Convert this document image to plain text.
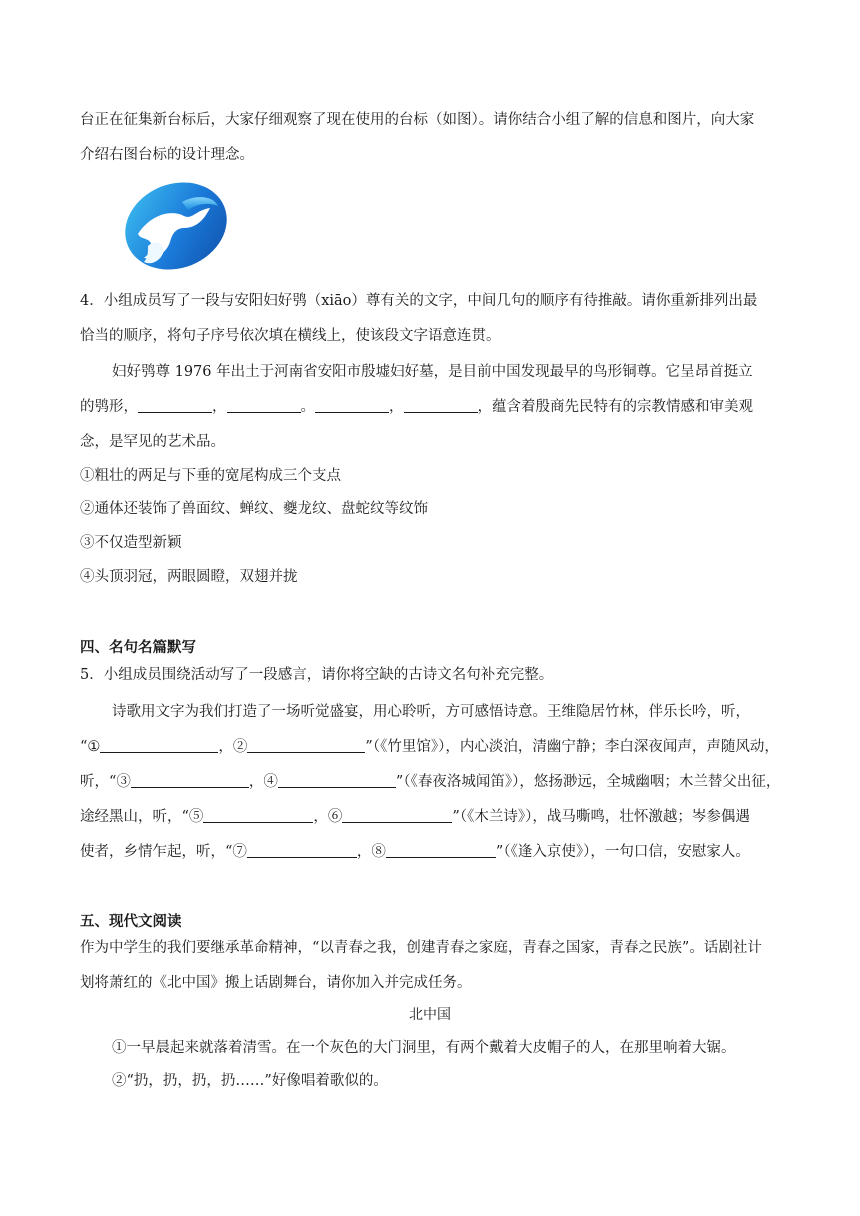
台正在征集新台标后，大家仔细观察了现在使用的台标（如图）。请你结合小组了解的信息和图片，向大家
介绍右图台标的设计理念。
4．小组成员写了一段与安阳妇好鸮（xiāo）尊有关的文字，中间几句的顺序有待推敲。请你重新排列出最
恰当的顺序，将句子序号依次填在横线上，使该段文字语意连贯。
妇好鸮尊 1976 年出土于河南省安阳市殷墟妇好墓，是目前中国发现最早的鸟形铜尊。它呈昂首挺立
的鸮形，	，	。	，	，蕴含着殷商先民特有的宗教情感和审美观
念，是罕见的艺术品。
①粗壮的两足与下垂的宽尾构成三个支点
②通体还装饰了兽面纹、蝉纹、夔龙纹、盘蛇纹等纹饰
③不仅造型新颖
④头顶羽冠，两眼圆瞪，双翅并拢
四、名句名篇默写
5．小组成员围绕活动写了一段感言，请你将空缺的古诗文名句补充完整。
诗歌用文字为我们打造了一场听觉盛宴，用心聆听，方可感悟诗意。王维隐居竹林，伴乐长吟，听，
“①	，②	”（《竹里馆》），内心淡泊，清幽宁静；李白深夜闻声，声随风动，
听，“③	，④	”（《春夜洛城闻笛》），悠扬渺远，全城幽咽；木兰替父出征，
途经黑山，听，“⑤	，⑥	”（《木兰诗》），战马嘶鸣，壮怀激越；岑参偶遇
使者，乡情乍起，听，“⑦	，⑧	”（《逢入京使》），一句口信，安慰家人。
五、现代文阅读
作为中学生的我们要继承革命精神，“以青春之我，创建青春之家庭，青春之国家，青春之民族”。话剧社计
划将萧红的《北中国》搬上话剧舞台，请你加入并完成任务。
北中国
①一早晨起来就落着清雪。在一个灰色的大门洞里，有两个戴着大皮帽子的人，在那里响着大锯。
②“扔，扔，扔，扔……”好像唱着歌似的。
